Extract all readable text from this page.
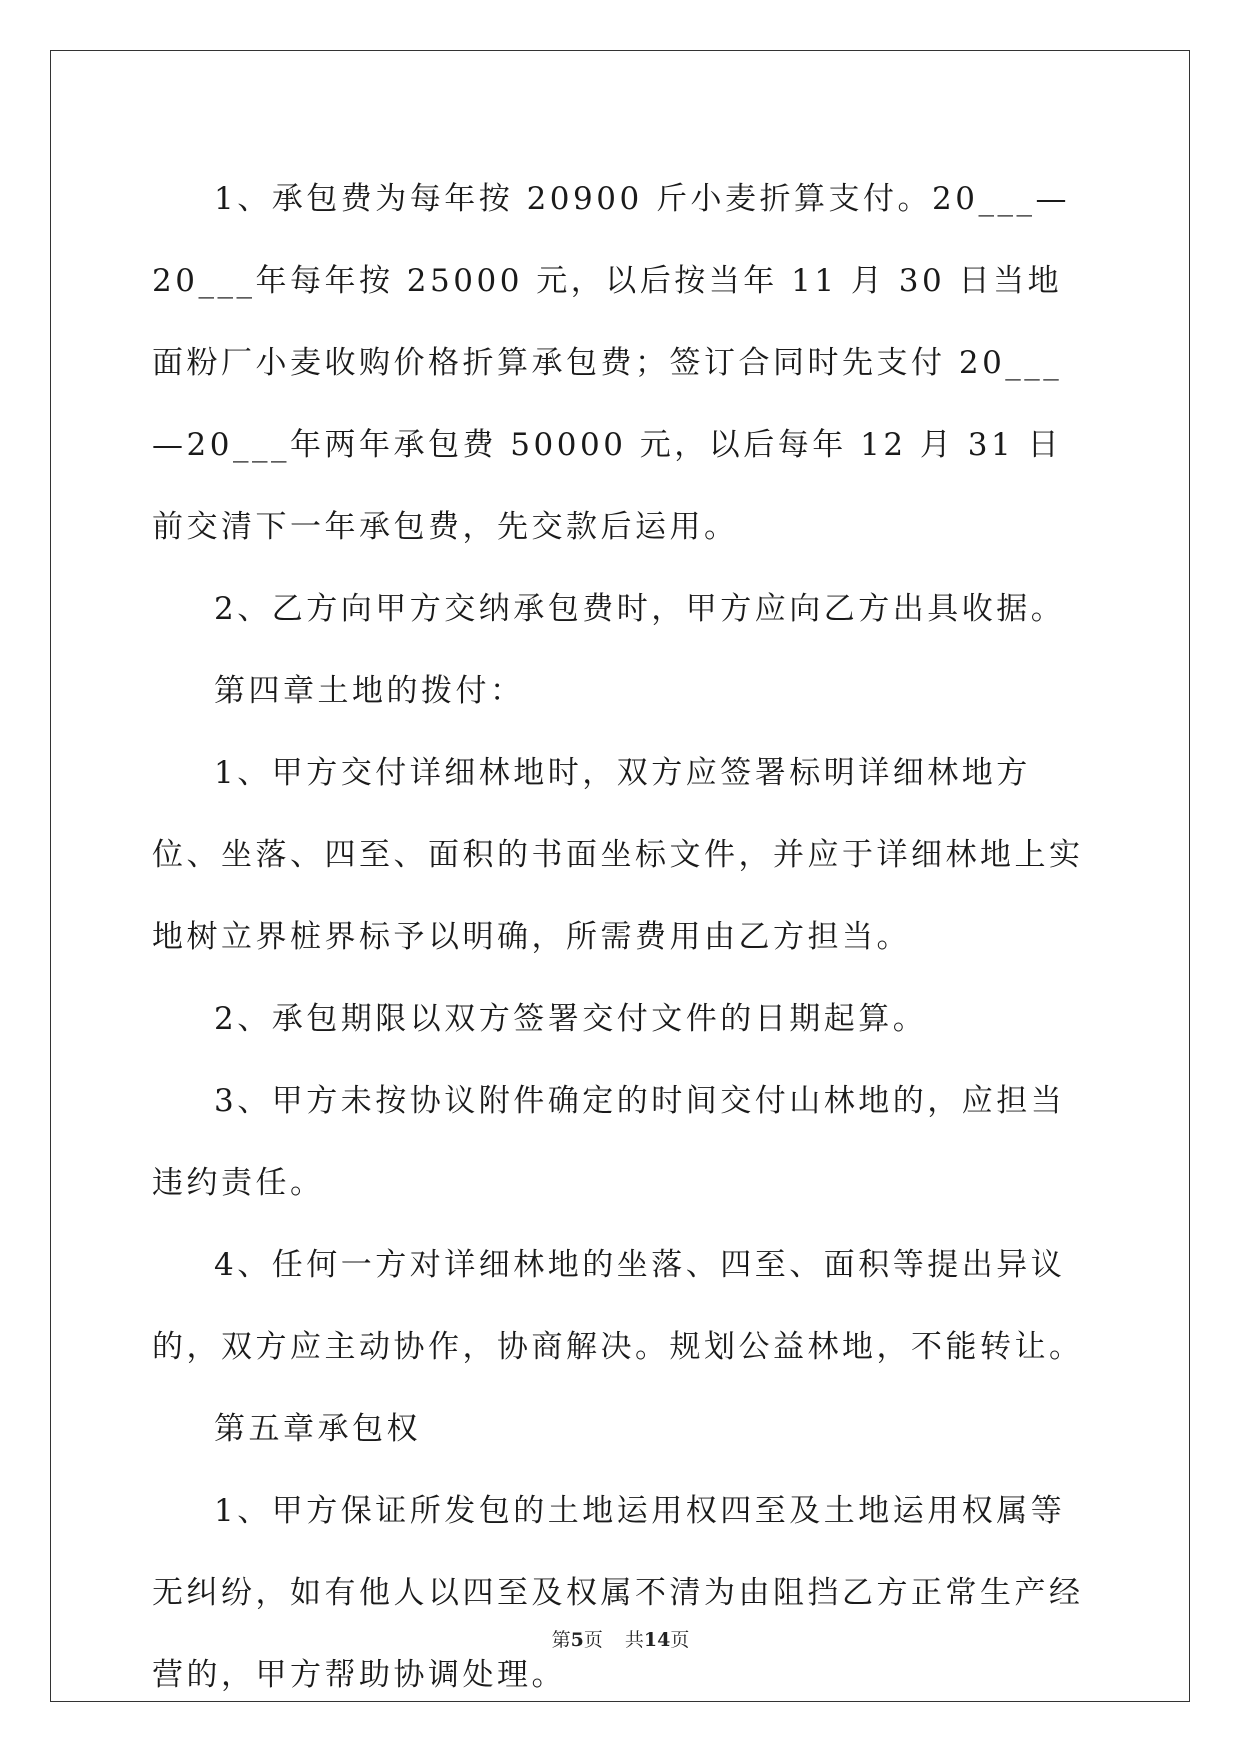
1、承包费为每年按 20900 斤小麦折算支付。20___—20___年每年按 25000 元，以后按当年 11 月 30 日当地面粉厂小麦收购价格折算承包费；签订合同时先支付 20___—20___年两年承包费 50000 元，以后每年 12 月 31 日前交清下一年承包费，先交款后运用。

2、乙方向甲方交纳承包费时，甲方应向乙方出具收据。

第四章土地的拨付：

1、甲方交付详细林地时，双方应签署标明详细林地方位、坐落、四至、面积的书面坐标文件，并应于详细林地上实地树立界桩界标予以明确，所需费用由乙方担当。

2、承包期限以双方签署交付文件的日期起算。

3、甲方未按协议附件确定的时间交付山林地的，应担当违约责任。

4、任何一方对详细林地的坐落、四至、面积等提出异议的，双方应主动协作，协商解决。规划公益林地，不能转让。

第五章承包权

1、甲方保证所发包的土地运用权四至及土地运用权属等无纠纷，如有他人以四至及权属不清为由阻挡乙方正常生产经营的，甲方帮助协调处理。

第5页 共14页
